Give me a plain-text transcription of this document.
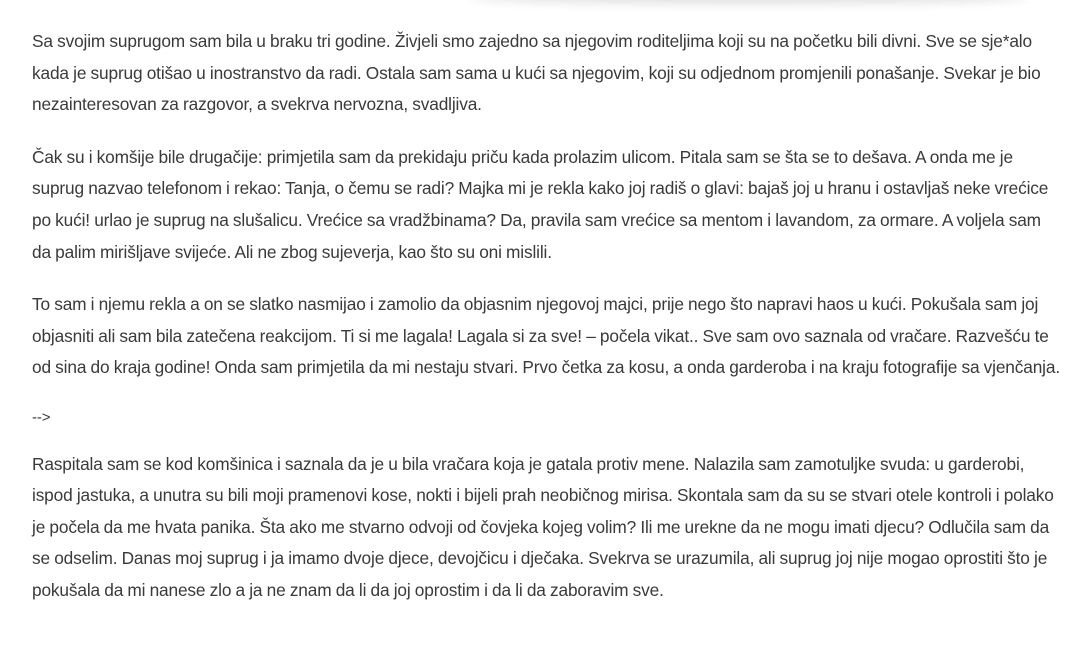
Sa svojim suprugom sam bila u braku tri godine. Živjeli smo zajedno sa njegovim roditeljima koji su na početku bili divni. Sve se sje*alo kada je suprug otišao u inostranstvo da radi. Ostala sam sama u kući sa njegovim, koji su odjednom promjenili ponašanje. Svekar je bio nezainteresovan za razgovor, a svekrva nervozna, svadljiva.

Čak su i komšije bile drugačije: primjetila sam da prekidaju priču kada prolazim ulicom. Pitala sam se šta se to dešava. A onda me je suprug nazvao telefonom i rekao: Tanja, o čemu se radi? Majka mi je rekla kako joj radiš o glavi: bajaš joj u hranu i ostavljaš neke vrećice po kući! urlao je suprug na slušalicu. Vrećice sa vradžbinama? Da, pravila sam vrećice sa mentom i lavandom, za ormare. A voljela sam da palim mirišljave svijeće. Ali ne zbog sujeverja, kao što su oni mislili.

To sam i njemu rekla a on se slatko nasmijao i zamolio da objasnim njegovoj majci, prije nego što napravi haos u kući. Pokušala sam joj objasniti ali sam bila zatečena reakcijom. Ti si me lagala! Lagala si za sve! – počela vikat.. Sve sam ovo saznala od vračare. Razvešću te od sina do kraja godine! Onda sam primjetila da mi nestaju stvari. Prvo četka za kosu, a onda garderoba i na kraju fotografije sa vjenčanja.

-->

Raspitala sam se kod komšinica i saznala da je u bila vračara koja je gatala protiv mene. Nalazila sam zamotuljke svuda: u garderobi, ispod jastuka, a unutra su bili moji pramenovi kose, nokti i bijeli prah neobičnog mirisa. Skontala sam da su se stvari otele kontroli i polako je počela da me hvata panika. Šta ako me stvarno odvoji od čovjeka kojeg volim? Ili me urekne da ne mogu imati djecu? Odlučila sam da se odselim. Danas moj suprug i ja imamo dvoje djece, devojčicu i dječaka. Svekrva se urazumila, ali suprug joj nije mogao oprostiti što je pokušala da mi nanese zlo a ja ne znam da li da joj oprostim i da li da zaboravim sve.
